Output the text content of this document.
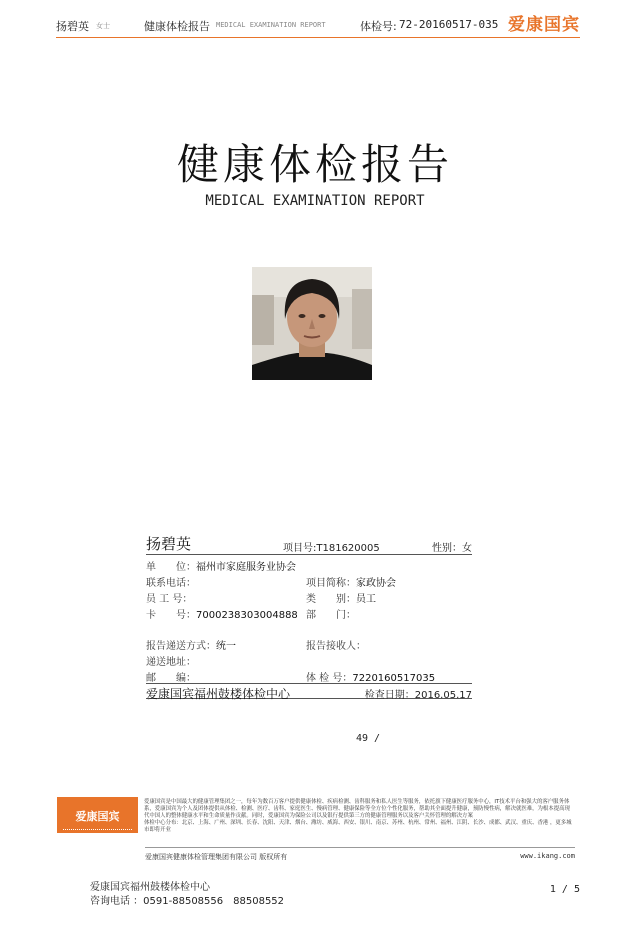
扬碧英 女士	健康体检报告 MEDICAL EXAMINATION REPORT	体检号: 72-20160517-035 爱康国宾
健康体检报告
MEDICAL EXAMINATION REPORT
扬碧英	项目号:T181620005	性别：女
单　　位：福州市家庭服务业协会
联系电话：	项目简称：家政协会
员 工 号：	类　　别：员工
卡　　号：7000238303004888 部　　门：
报告递送方式：统一	报告接收人：
递送地址：
邮　　编：	体 检 号：7220160517035
爱康国宾福州鼓楼体检中心	检查日期：2016.05.17
49 /
爱康国宾
爱康国宾是中国最大的健康管理集团之一，每年为数百万客户提供健康体检、疾病检测、齿科服务和私人医生等服务，依托旗下健康医疗服务中心，IT技术平台和强大的客户服务体系，爱康国宾为个人及团体提供从体检、检测、医疗、齿科、家庭医生、慢病管理、健康保险等全方位个性化服务，帮助其全面提升健康，预防慢性病，解决就医难，为根本提高现代中国人的整体健康水平和生命质量作贡献。同时，爱康国宾为保险公司以及银行提供第三方的健康管理服务以及客户关怀管理的解决方案
体检中心分布：北京、上海、广州、深圳、长春、沈阳、天津、烟台、潍坊、威海、西安、银川、南京、苏州、杭州、常州、福州、江阴、长沙、成都、武汉、重庆、香港 ，更多城市即将开业
爱康国宾健康体检管理集团有限公司 版权所有	www.ikang.com
爱康国宾福州鼓楼体检中心
咨询电话 ：0591-88508556　88508552
1 / 5
